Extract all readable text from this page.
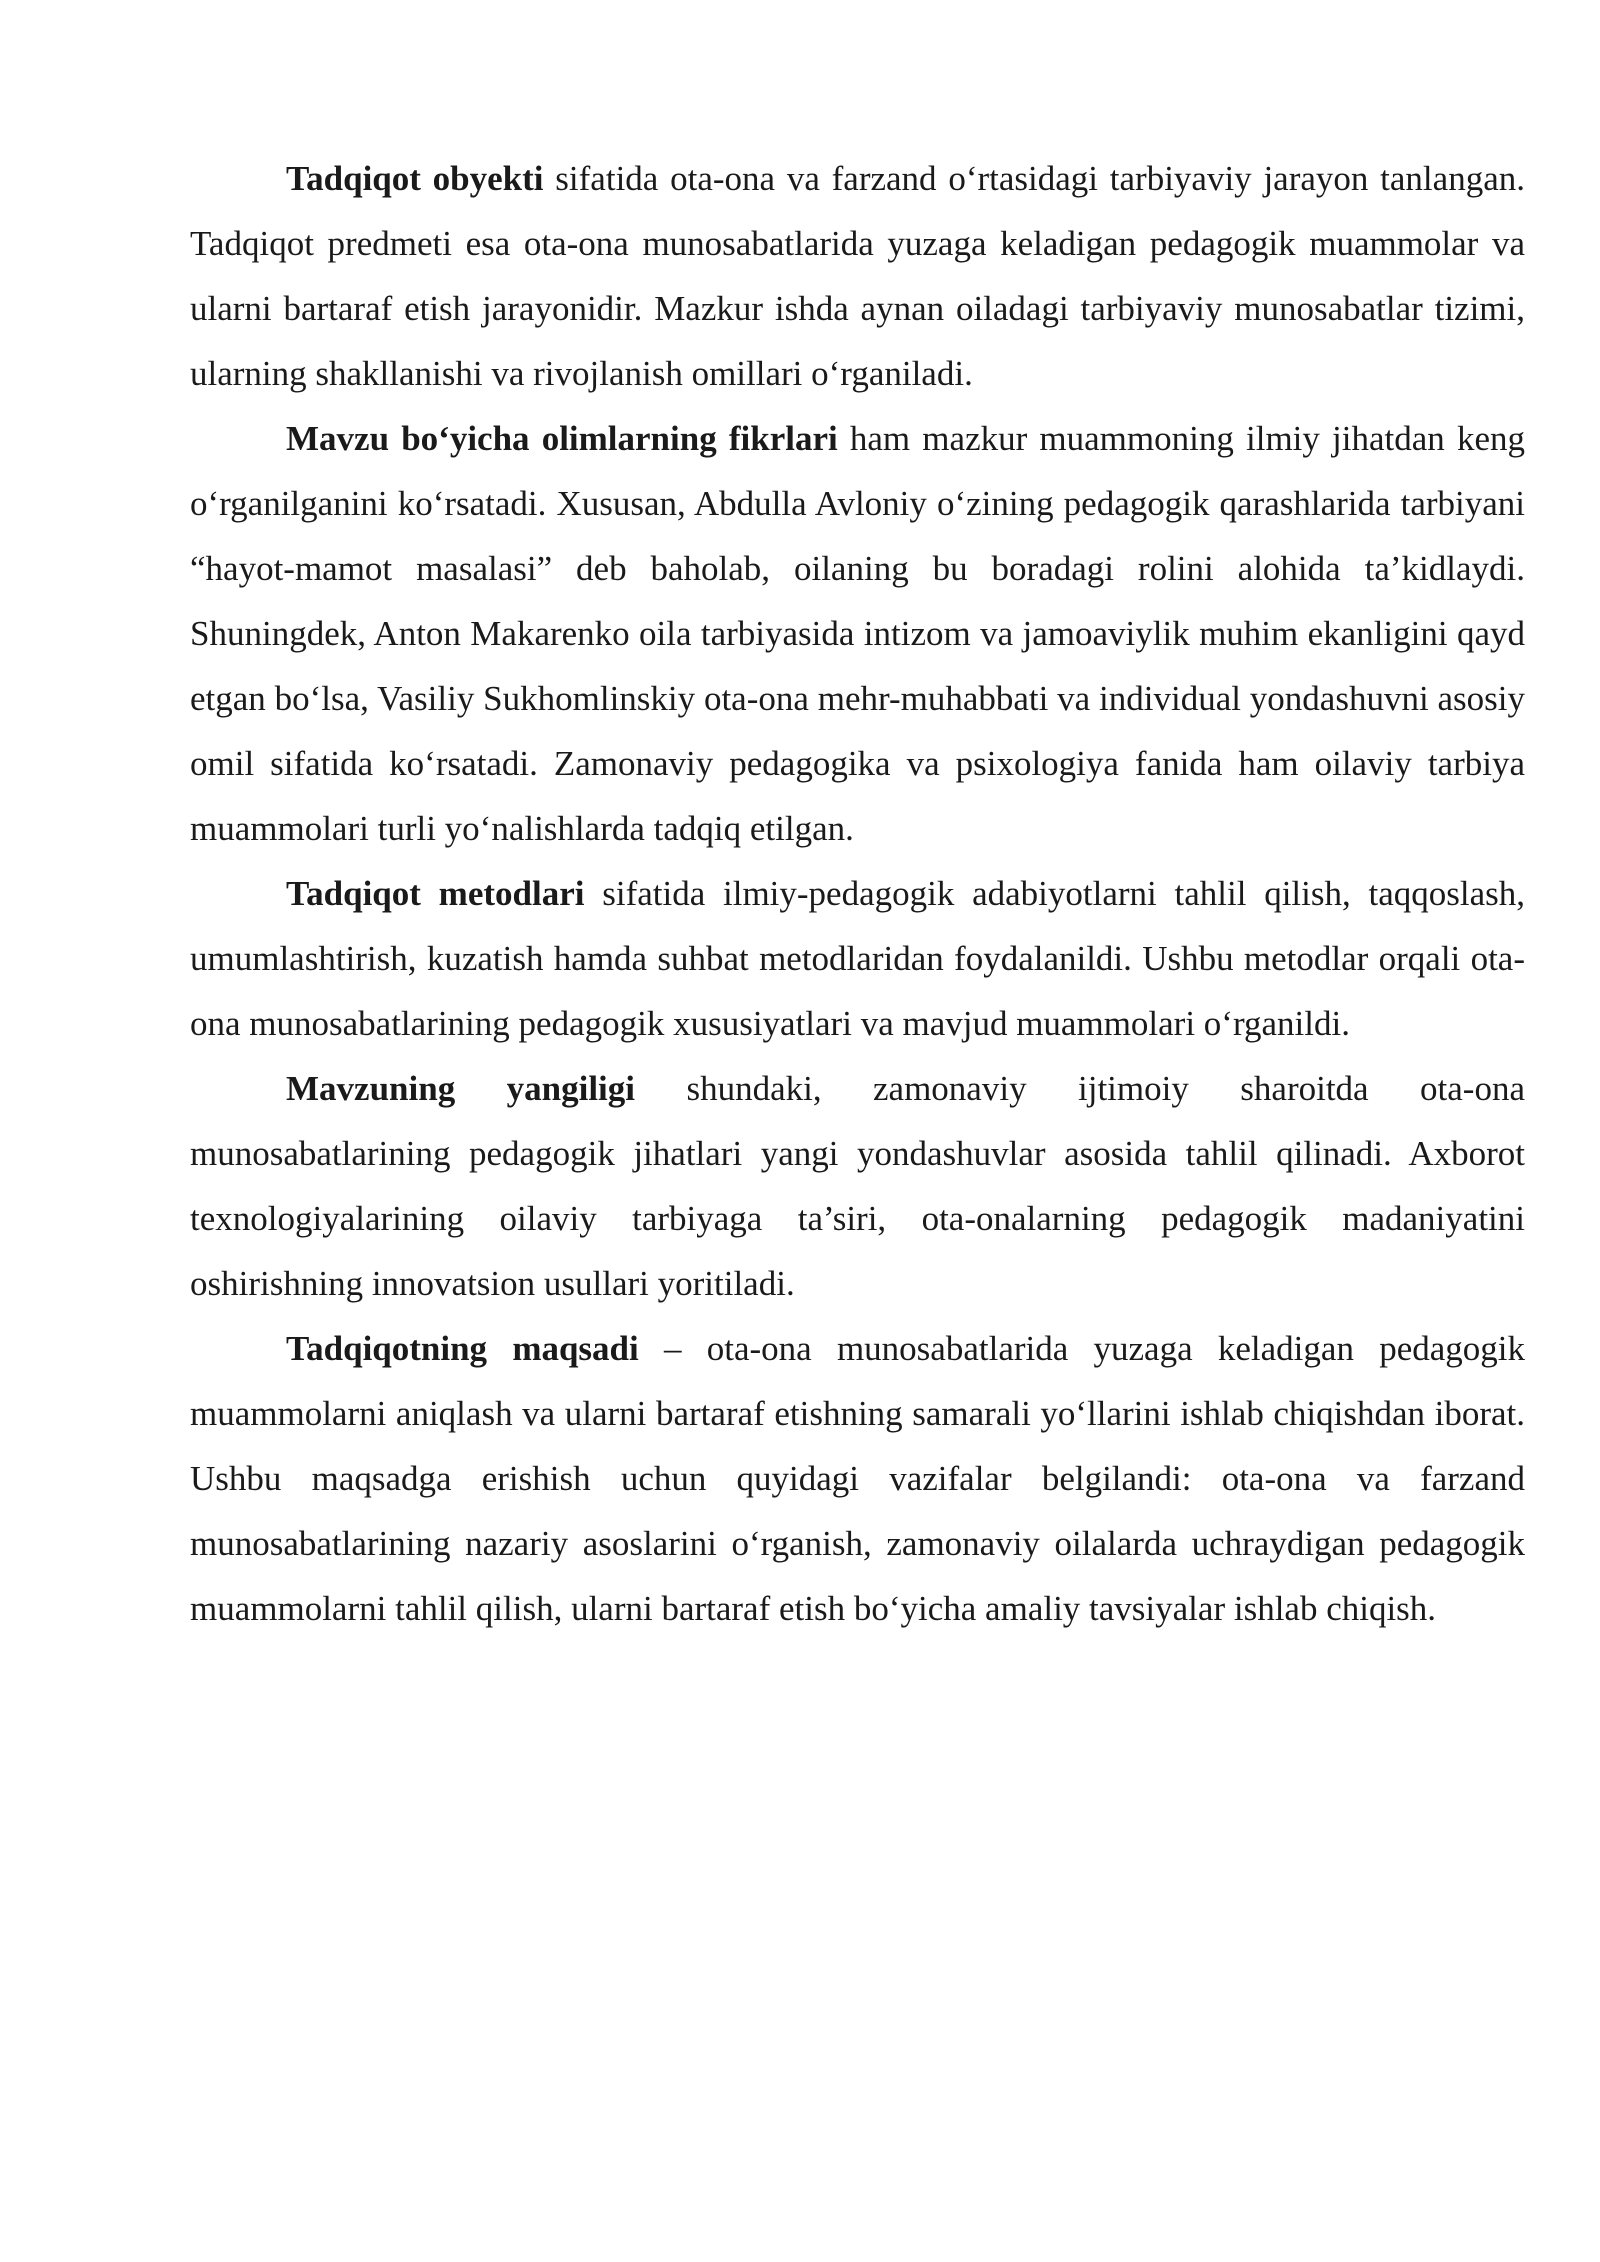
Tadqiqot obyekti sifatida ota-ona va farzand o‘rtasidagi tarbiyaviy jarayon tanlangan. Tadqiqot predmeti esa ota-ona munosabatlarida yuzaga keladigan pedagogik muammolar va ularni bartaraf etish jarayonidir. Mazkur ishda aynan oiladagi tarbiyaviy munosabatlar tizimi, ularning shakllanishi va rivojlanish omillari o‘rganiladi.

Mavzu bo‘yicha olimlarning fikrlari ham mazkur muammoning ilmiy jihatdan keng o‘rganilganini ko‘rsatadi. Xususan, Abdulla Avloniy o‘zining pedagogik qarashlarida tarbiyani “hayot-mamot masalasi” deb baholab, oilaning bu boradagi rolini alohida ta’kidlaydi. Shuningdek, Anton Makarenko oila tarbiyasida intizom va jamoaviylik muhim ekanligini qayd etgan bo‘lsa, Vasiliy Sukhomlinskiy ota-ona mehr-muhabbati va individual yondashuvni asosiy omil sifatida ko‘rsatadi. Zamonaviy pedagogika va psixologiya fanida ham oilaviy tarbiya muammolari turli yo‘nalishlarda tadqiq etilgan.

Tadqiqot metodlari sifatida ilmiy-pedagogik adabiyotlarni tahlil qilish, taqqoslash, umumlashtirish, kuzatish hamda suhbat metodlaridan foydalanildi. Ushbu metodlar orqali ota-ona munosabatlarining pedagogik xususiyatlari va mavjud muammolari o‘rganildi.

Mavzuning yangiligi shundaki, zamonaviy ijtimoiy sharoitda ota-ona munosabatlarining pedagogik jihatlari yangi yondashuvlar asosida tahlil qilinadi. Axborot texnologiyalarining oilaviy tarbiyaga ta’siri, ota-onalarning pedagogik madaniyatini oshirishning innovatsion usullari yoritiladi.

Tadqiqotning maqsadi – ota-ona munosabatlarida yuzaga keladigan pedagogik muammolarni aniqlash va ularni bartaraf etishning samarali yo‘llarini ishlab chiqishdan iborat. Ushbu maqsadga erishish uchun quyidagi vazifalar belgilandi: ota-ona va farzand munosabatlarining nazariy asoslarini o‘rganish, zamonaviy oilalarda uchraydigan pedagogik muammolarni tahlil qilish, ularni bartaraf etish bo‘yicha amaliy tavsiyalar ishlab chiqish.
